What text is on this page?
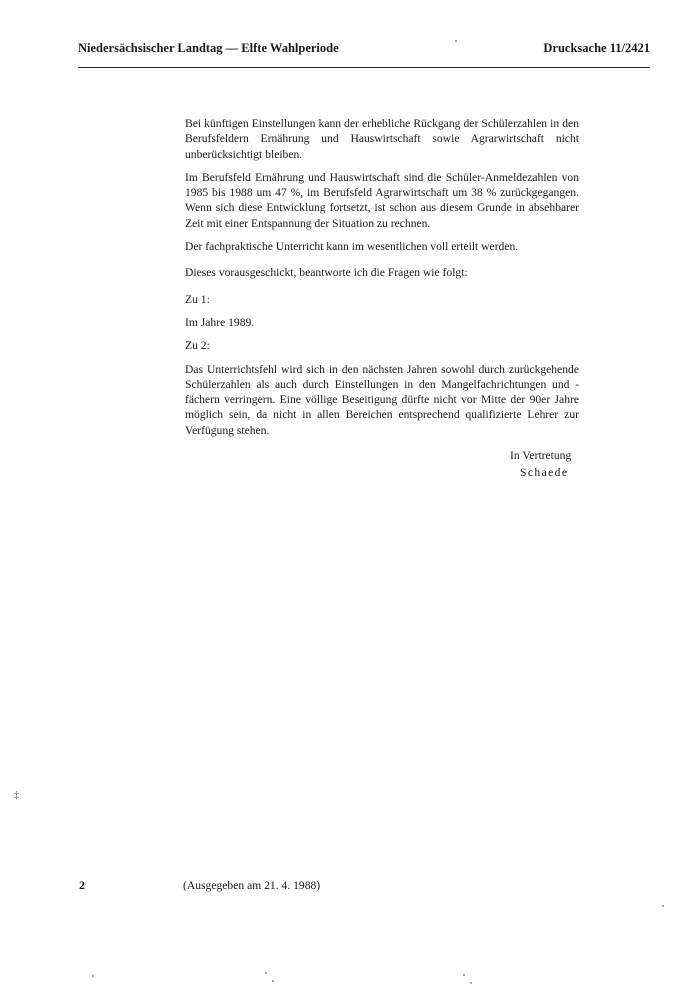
Niedersächsischer Landtag — Elfte Wahlperiode	Drucksache 11/2421

Bei künftigen Einstellungen kann der erhebliche Rückgang der Schülerzahlen in den Berufsfeldern Ernährung und Hauswirtschaft sowie Agrarwirtschaft nicht unberücksichtigt bleiben.

Im Berufsfeld Ernährung und Hauswirtschaft sind die Schüler-Anmeldezahlen von 1985 bis 1988 um 47 %, im Berufsfeld Agrarwirtschaft um 38 % zurückgegangen. Wenn sich diese Entwicklung fortsetzt, ist schon aus diesem Grunde in absehbarer Zeit mit einer Entspannung der Situation zu rechnen.

Der fachpraktische Unterricht kann im wesentlichen voll erteilt werden.

Dieses vorausgeschickt, beantworte ich die Fragen wie folgt:

Zu 1:

Im Jahre 1989.

Zu 2:

Das Unterrichtsfehl wird sich in den nächsten Jahren sowohl durch zurückgehende Schülerzahlen als auch durch Einstellungen in den Mangelfachrichtungen und -fächern verringern. Eine völlige Beseitigung dürfte nicht vor Mitte der 90er Jahre möglich sein, da nicht in allen Bereichen entsprechend qualifizierte Lehrer zur Verfügung stehen.

In Vertretung
Schaede
2	(Ausgegeben am 21. 4. 1988)
‡
